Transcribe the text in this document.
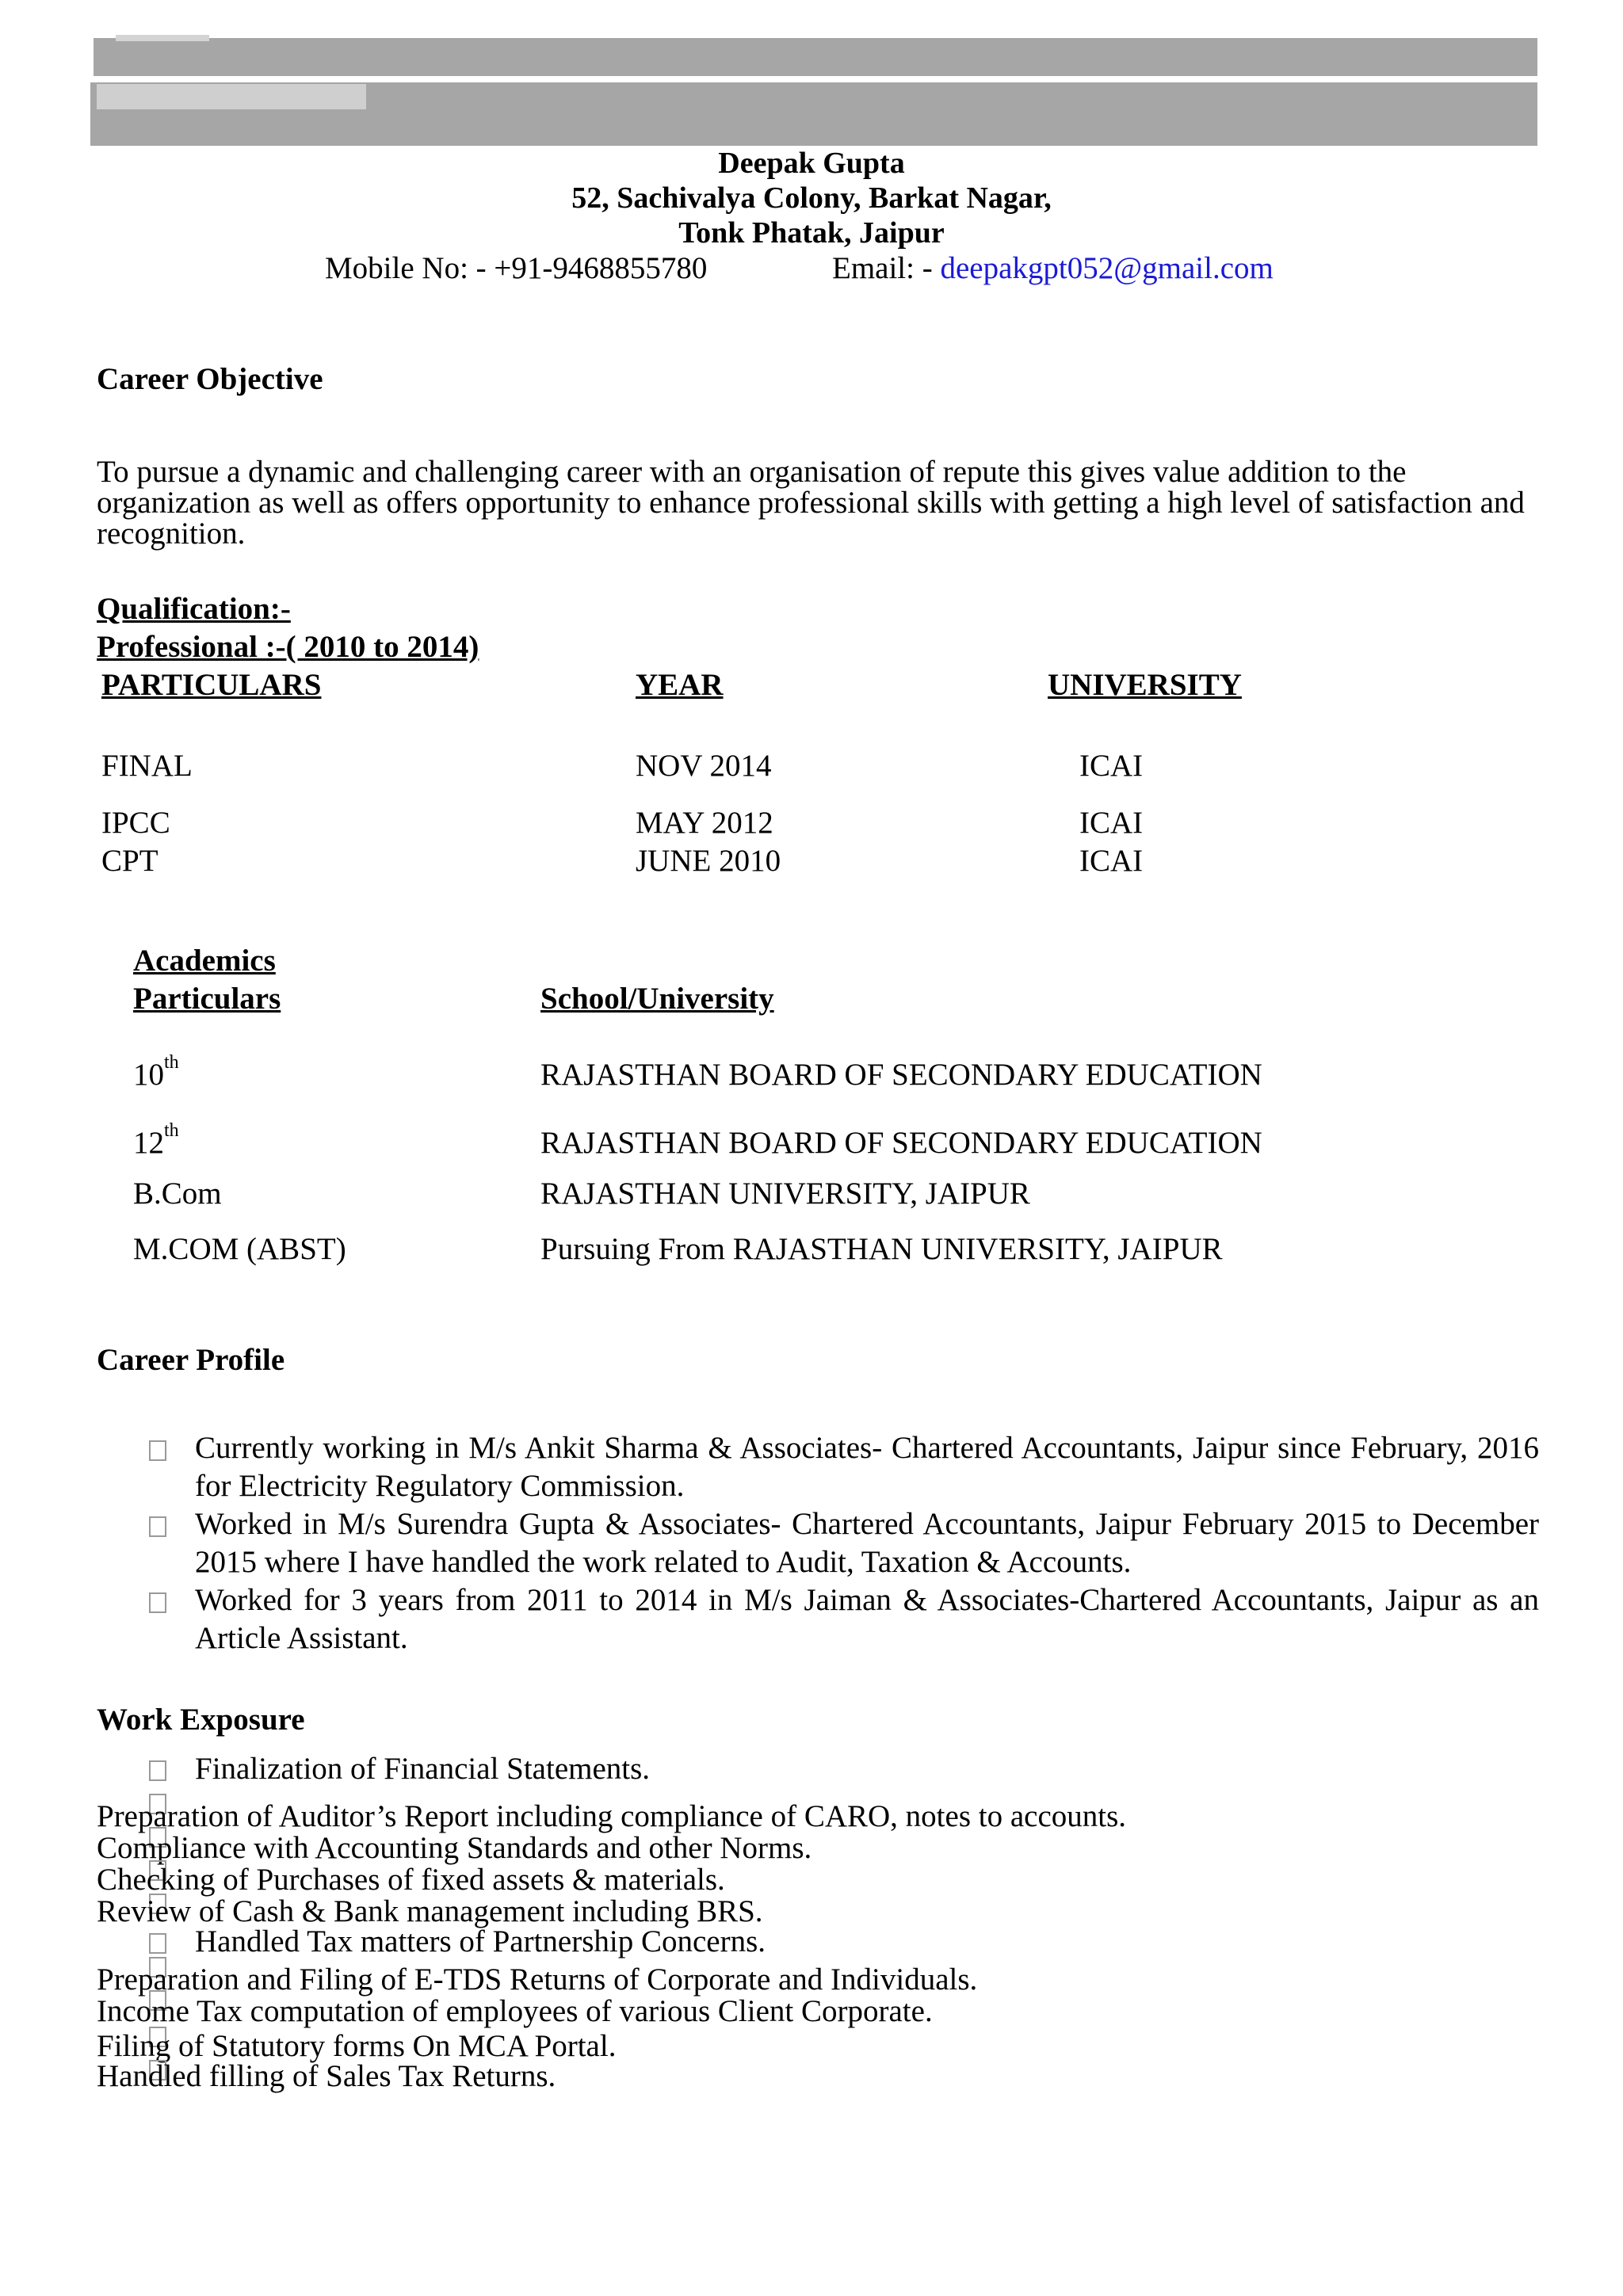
Deepak Gupta
52, Sachivalya Colony, Barkat Nagar,
Tonk Phatak, Jaipur
Mobile No: - +91-9468855780	Email: - deepakgpt052@gmail.com
Career Objective
To pursue a dynamic and challenging career with an organisation of repute this gives value addition to the organization as well as offers opportunity to enhance professional skills with getting a high level of satisfaction and recognition.
Qualification:-
Professional :-( 2010 to 2014)
PARTICULARS	YEAR	UNIVERSITY
FINAL	NOV 2014	ICAI
IPCC	MAY 2012	ICAI
CPT	JUNE 2010	ICAI
Academics
Particulars	School/University
10th	RAJASTHAN BOARD OF SECONDARY EDUCATION
12th	RAJASTHAN BOARD OF SECONDARY EDUCATION
B.Com	RAJASTHAN UNIVERSITY, JAIPUR
M.COM (ABST)	Pursuing From RAJASTHAN UNIVERSITY, JAIPUR
Career Profile
Currently working in M/s Ankit Sharma & Associates- Chartered Accountants, Jaipur since February, 2016 for Electricity Regulatory Commission.
Worked in M/s Surendra Gupta & Associates- Chartered Accountants, Jaipur February 2015 to December 2015 where I have handled the work related to Audit, Taxation & Accounts.
Worked for 3 years from 2011 to 2014 in M/s Jaiman & Associates-Chartered Accountants, Jaipur as an Article Assistant.
Work Exposure
Finalization of Financial Statements.
Preparation of Auditor’s Report including compliance of CARO, notes to accounts.
Compliance with Accounting Standards and other Norms.
Checking of Purchases of fixed assets & materials.
Review of Cash & Bank management including BRS.
Handled Tax matters of Partnership Concerns.
Preparation and Filing of E-TDS Returns of Corporate and Individuals.
Income Tax computation of employees of various Client Corporate.
Filing of Statutory forms On MCA Portal.
Handled filling of Sales Tax Returns.
